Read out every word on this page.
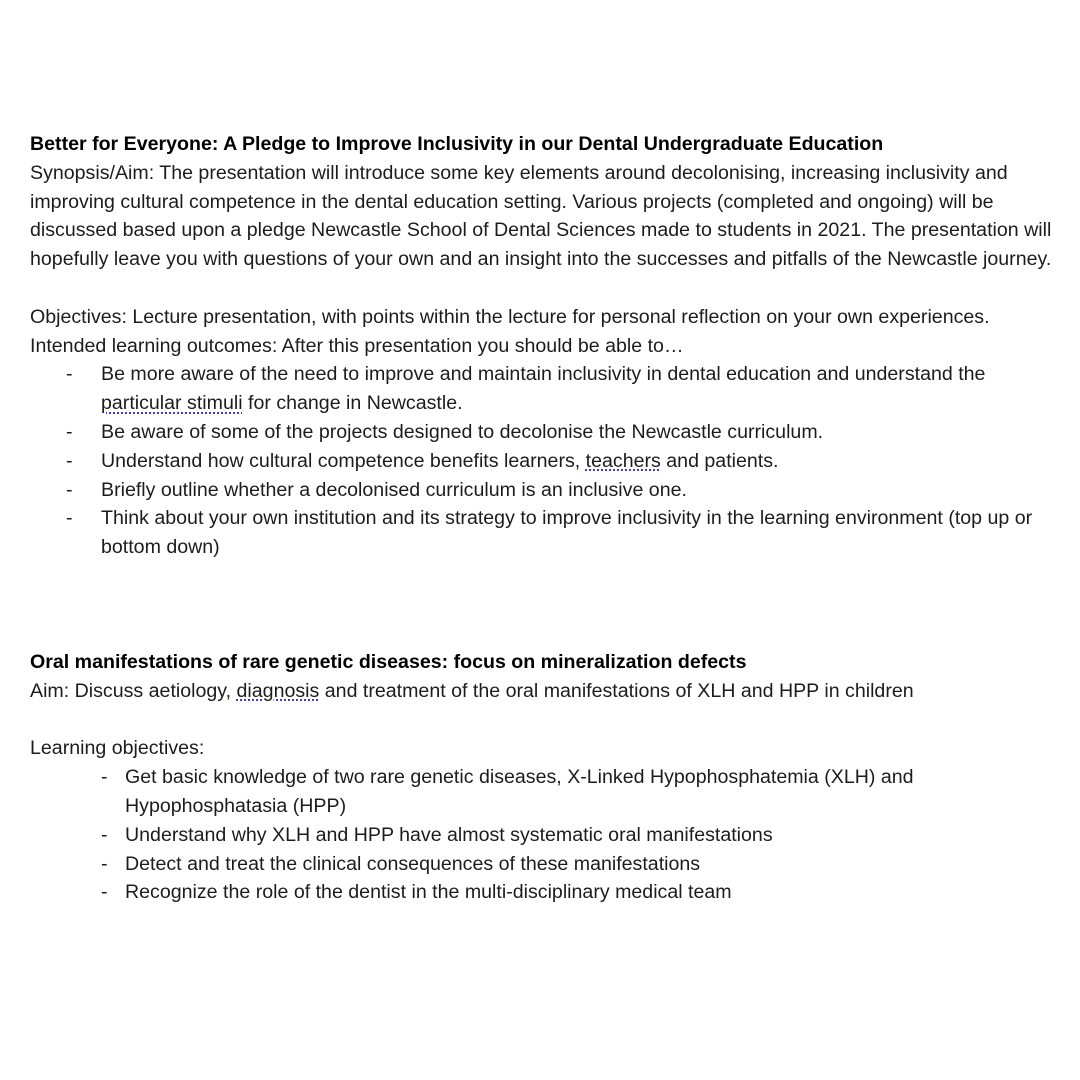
Better for Everyone: A Pledge to Improve Inclusivity in our Dental Undergraduate Education

Synopsis/Aim: The presentation will introduce some key elements around decolonising, increasing inclusivity and improving cultural competence in the dental education setting. Various projects (completed and ongoing) will be discussed based upon a pledge Newcastle School of Dental Sciences made to students in 2021. The presentation will hopefully leave you with questions of your own and an insight into the successes and pitfalls of the Newcastle journey.

Objectives: Lecture presentation, with points within the lecture for personal reflection on your own experiences. Intended learning outcomes: After this presentation you should be able to…

- Be more aware of the need to improve and maintain inclusivity in dental education and understand the particular stimuli for change in Newcastle.
- Be aware of some of the projects designed to decolonise the Newcastle curriculum.
- Understand how cultural competence benefits learners, teachers and patients.
- Briefly outline whether a decolonised curriculum is an inclusive one.
- Think about your own institution and its strategy to improve inclusivity in the learning environment (top up or bottom down)

Oral manifestations of rare genetic diseases: focus on mineralization defects

Aim: Discuss aetiology, diagnosis and treatment of the oral manifestations of XLH and HPP in children

Learning objectives:

- Get basic knowledge of two rare genetic diseases, X-Linked Hypophosphatemia (XLH) and Hypophosphatasia (HPP)
- Understand why XLH and HPP have almost systematic oral manifestations
- Detect and treat the clinical consequences of these manifestations
- Recognize the role of the dentist in the multi-disciplinary medical team
